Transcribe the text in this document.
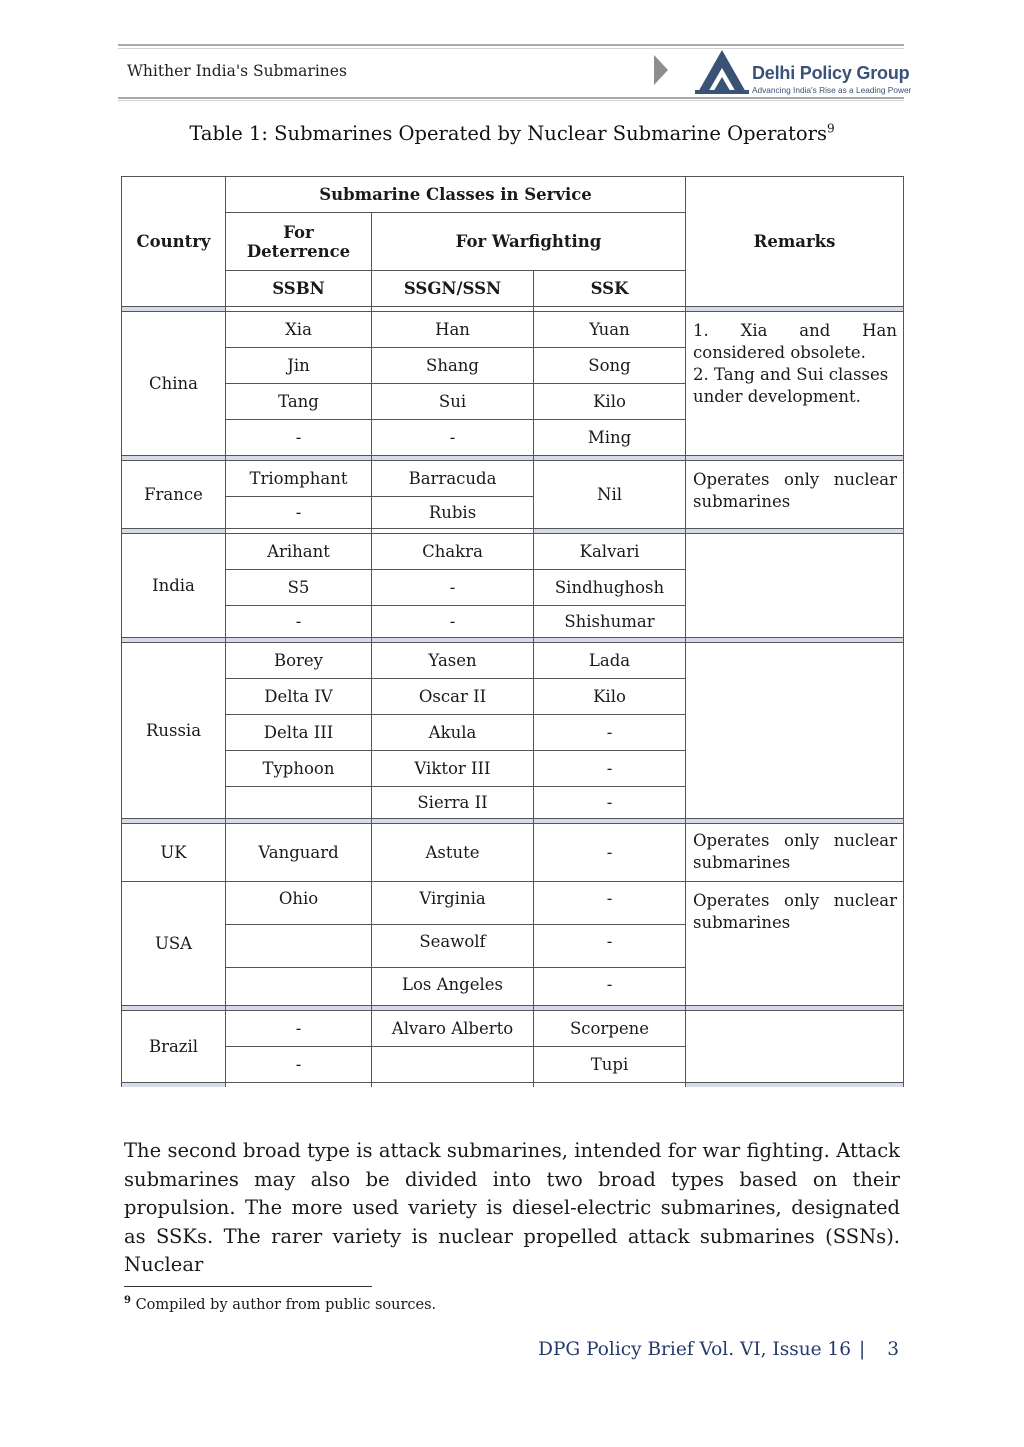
Whither India's Submarines	Delhi Policy Group
Advancing India's Rise as a Leading Power
Table 1: Submarines Operated by Nuclear Submarine Operators$^9$
Country	Submarine Classes in Service			Remarks
	For Deterrence	For Warfighting		
	SSBN	SSGN/SSN	SSK	

China	Xia	Han	Yuan	1. Xia and Han considered obsolete.
2. Tang and Sui classes under development.

	Jin	Shang	Song	
	Tang	Sui	Kilo	
	-	-	Ming	

France	Triomphant	Barracuda	Nil	Operates only nuclear submarines
	-	Rubis		

India	Arihant	Chakra	Kalvari	
	S5	-	Sindhughosh	
	-	-	Shishumar	

Russia	Borey	Yasen	Lada	
	Delta IV	Oscar II	Kilo	
	Delta III	Akula	-	
	Typhoon	Viktor III	-	
		Sierra II	-	

UK	Vanguard	Astute	-	Operates only nuclear submarines
USA	Ohio	Virginia	-	Operates only nuclear submarines
		Seawolf	-	
		Los Angeles	-	

Brazil	-	Alvaro Alberto	Scorpene	
	-		Tupi	

The second broad type is attack submarines, intended for war fighting. Attack submarines may also be divided into two broad types based on their propulsion. The more used variety is diesel-electric submarines, designated as SSKs. The rarer variety is nuclear propelled attack submarines (SSNs). Nuclear
$^9$ Compiled by author from public sources.
DPG Policy Brief Vol. VI, Issue 16 | 3
